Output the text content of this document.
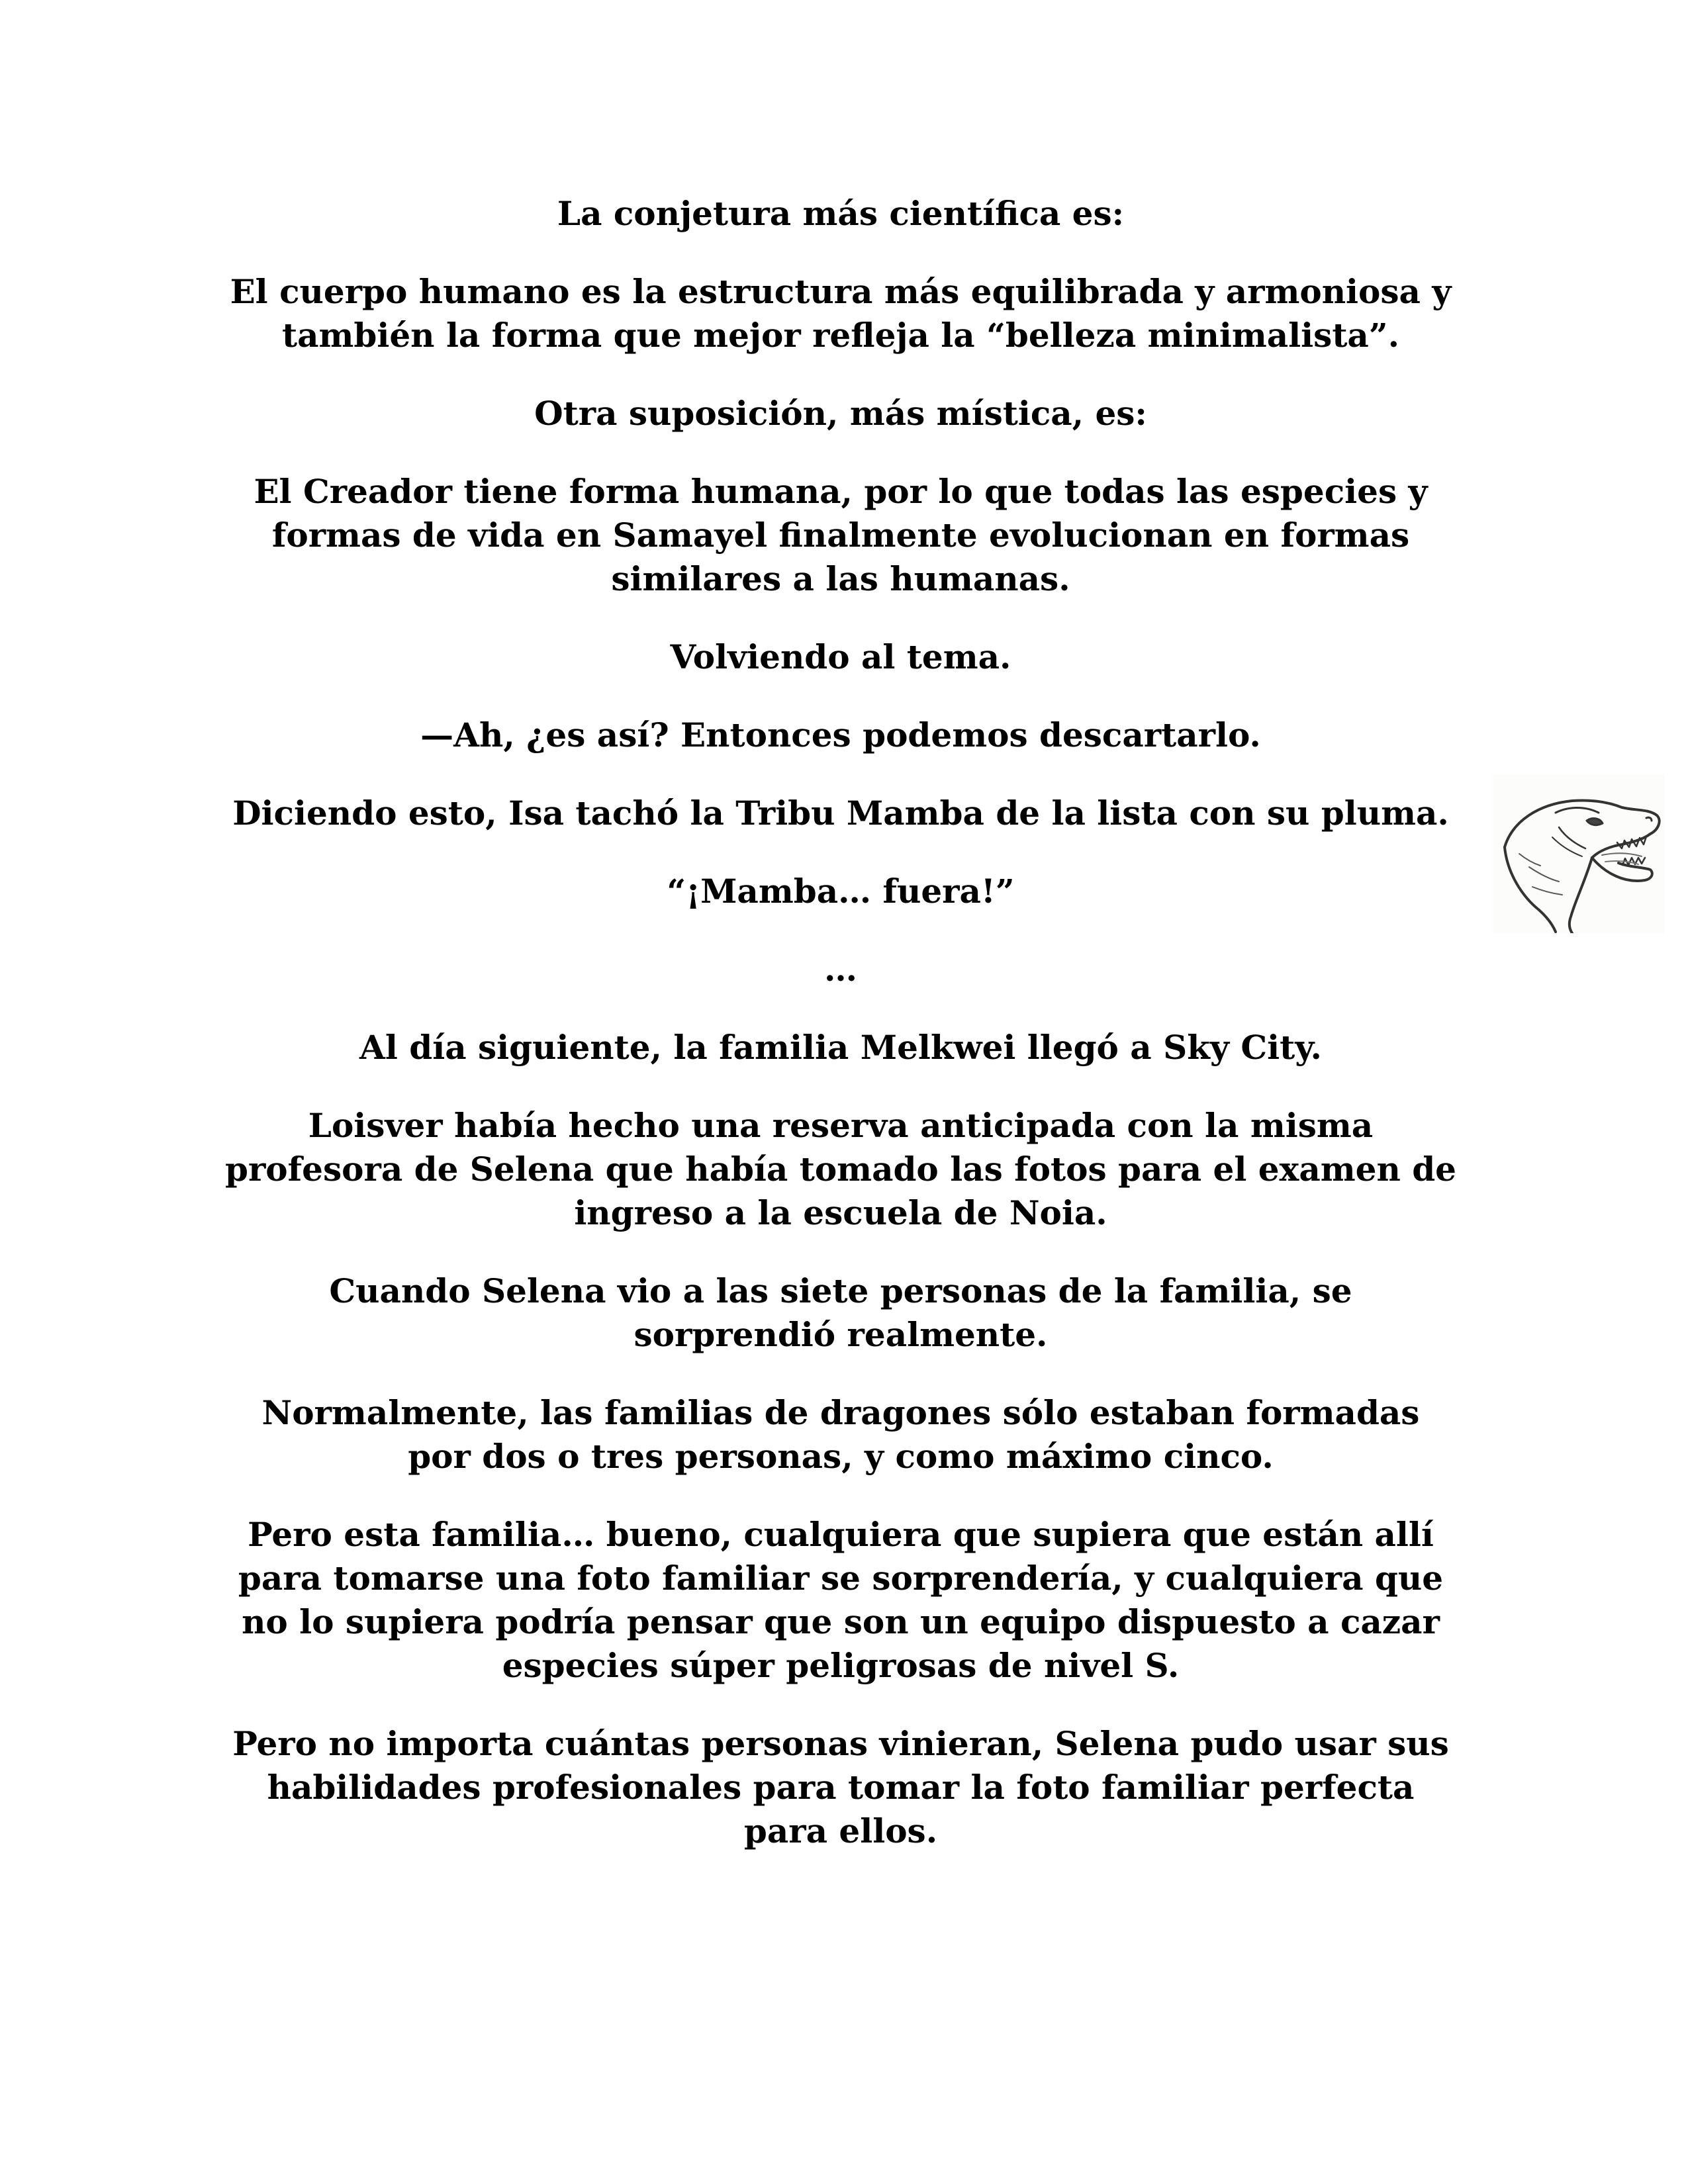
La conjetura más científica es:

El cuerpo humano es la estructura más equilibrada y armoniosa y también la forma que mejor refleja la “belleza minimalista”.

Otra suposición, más mística, es:

El Creador tiene forma humana, por lo que todas las especies y formas de vida en Samayel finalmente evolucionan en formas similares a las humanas.

Volviendo al tema.

—Ah, ¿es así? Entonces podemos descartarlo.

Diciendo esto, Isa tachó la Tribu Mamba de la lista con su pluma.

“¡Mamba… fuera!”

…

Al día siguiente, la familia Melkwei llegó a Sky City.

Loisver había hecho una reserva anticipada con la misma profesora de Selena que había tomado las fotos para el examen de ingreso a la escuela de Noia.

Cuando Selena vio a las siete personas de la familia, se sorprendió realmente.

Normalmente, las familias de dragones sólo estaban formadas por dos o tres personas, y como máximo cinco.

Pero esta familia… bueno, cualquiera que supiera que están allí para tomarse una foto familiar se sorprendería, y cualquiera que no lo supiera podría pensar que son un equipo dispuesto a cazar especies súper peligrosas de nivel S.

Pero no importa cuántas personas vinieran, Selena pudo usar sus habilidades profesionales para tomar la foto familiar perfecta para ellos.
